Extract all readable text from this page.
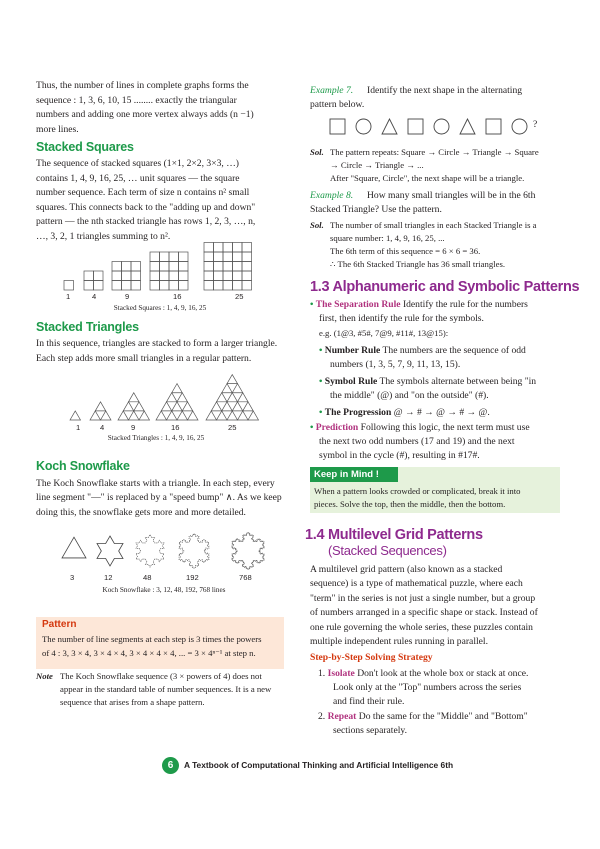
Thus, the number of lines in complete graphs forms the

sequence : 1, 3, 6, 10, 15 ........ exactly the triangular

numbers and adding one more vertex always adds (n −1)

more lines.

Stacked Squares

The sequence of stacked squares (1×1, 2×2, 3×3, …)

contains 1, 4, 9, 16, 25, … unit squares — the square

number sequence. Each term of size n contains n² small

squares. This connects back to the "adding up and down"

pattern — the nth stacked triangle has rows 1, 2, 3, …, n,

…, 3, 2, 1 triangles summing to n².

1	4	9	16	25

Stacked Squares : 1, 4, 9, 16, 25

Stacked Triangles

In this sequence, triangles are stacked to form a larger triangle.

Each step adds more small triangles in a regular pattern.

1	4	9	16	25

Stacked Triangles : 1, 4, 9, 16, 25

Koch Snowflake

The Koch Snowflake starts with a triangle. In each step, every

line segment "—" is replaced by a "speed bump" ∧. As we keep

doing this, the snowflake gets more and more detailed.

3	12	48	192	768

Koch Snowflake : 3, 12, 48, 192, 768 lines

Pattern

The number of line segments at each step is 3 times the powers

of 4 : 3, 3 × 4, 3 × 4 × 4, 3 × 4 × 4 × 4, ... = 3 × 4ⁿ⁻¹ at step n.

Note The Koch Snowflake sequence (3 × powers of 4) does not

appear in the standard table of number sequences. It is a new

sequence that arises from a shape pattern.

Example 7. Identify the next shape in the alternating

pattern below.

?

Sol. The pattern repeats: Square → Circle → Triangle → Square

→ Circle → Triangle → ...

After "Square, Circle", the next shape will be a triangle.

Example 8. How many small triangles will be in the 6th

Stacked Triangle? Use the pattern.

Sol. The number of small triangles in each Stacked Triangle is a

square number: 1, 4, 9, 16, 25, ...

The 6th term of this sequence = 6 × 6 = 36.

∴ The 6th Stacked Triangle has 36 small triangles.

1.3 Alphanumeric and Symbolic Patterns

• The Separation Rule Identify the rule for the numbers

first, then identify the rule for the symbols.

e.g. (1@3, #5#, 7@9, #11#, 13@15):

• Number Rule The numbers are the sequence of odd

numbers (1, 3, 5, 7, 9, 11, 13, 15).

• Symbol Rule The symbols alternate between being "in

the middle" (@) and "on the outside" (#).

• The Progression @ → # → @ → # → @.

• Prediction Following this logic, the next term must use

the next two odd numbers (17 and 19) and the next

symbol in the cycle (#), resulting in #17#.

Keep in Mind !

When a pattern looks crowded or complicated, break it into

pieces. Solve the top, then the middle, then the bottom.

1.4 Multilevel Grid Patterns

(Stacked Sequences)

A multilevel grid pattern (also known as a stacked

sequence) is a type of mathematical puzzle, where each

"term" in the series is not just a single number, but a group

of numbers arranged in a specific shape or stack. Instead of

one rule governing the whole series, these puzzles contain

multiple independent rules running in parallel.

Step-by-Step Solving Strategy

1. Isolate Don't look at the whole box or stack at once.

Look only at the "Top" numbers across the series

and find their rule.

2. Repeat Do the same for the "Middle" and "Bottom"

sections separately.

6	A Textbook of Computational Thinking and Artificial Intelligence 6th
